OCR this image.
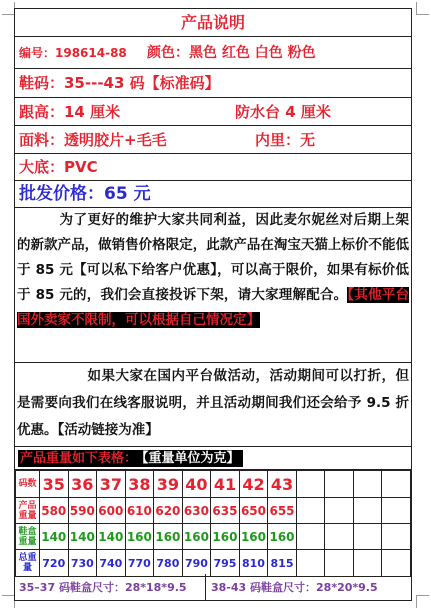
产品说明
编号：198614-88 颜色：黑色 红色 白色 粉色
鞋码：35---43 码【标准码】
跟高：14 厘米	防水台 4 厘米
面料：透明胶片+毛毛	内里：无
大底：PVC
批发价格：65 元
为了更好的维护大家共同利益，因此麦尔妮丝对后期上架的新款产品，做销售价格限定，此款产品在淘宝天猫上标价不能低于 85 元【可以私下给客户优惠】，可以高于限价，如果有标价低于 85 元的，我们会直接投诉下架，请大家理解配合。【其他平台国外卖家不限制，可以根据自己情况定】
如果大家在国内平台做活动，活动期间可以打折，但是需要向我们在线客服说明，并且活动期间我们还会给予 9.5 折优惠。【活动链接为准】
产品重量如下表格： 【重量单位为克】
码数	35	36	37	38	39	40	41	42	43				
产品
重量	580	590	600	610	620	630	635	650	655				
鞋盒
重量	140	140	140	160	160	160	160	160	160				
总重
量	720	730	740	770	780	790	795	810	815				
35–37 码鞋盒尺寸：28*18*9.5 38-43 码鞋盒尺寸：28*20*9.5
